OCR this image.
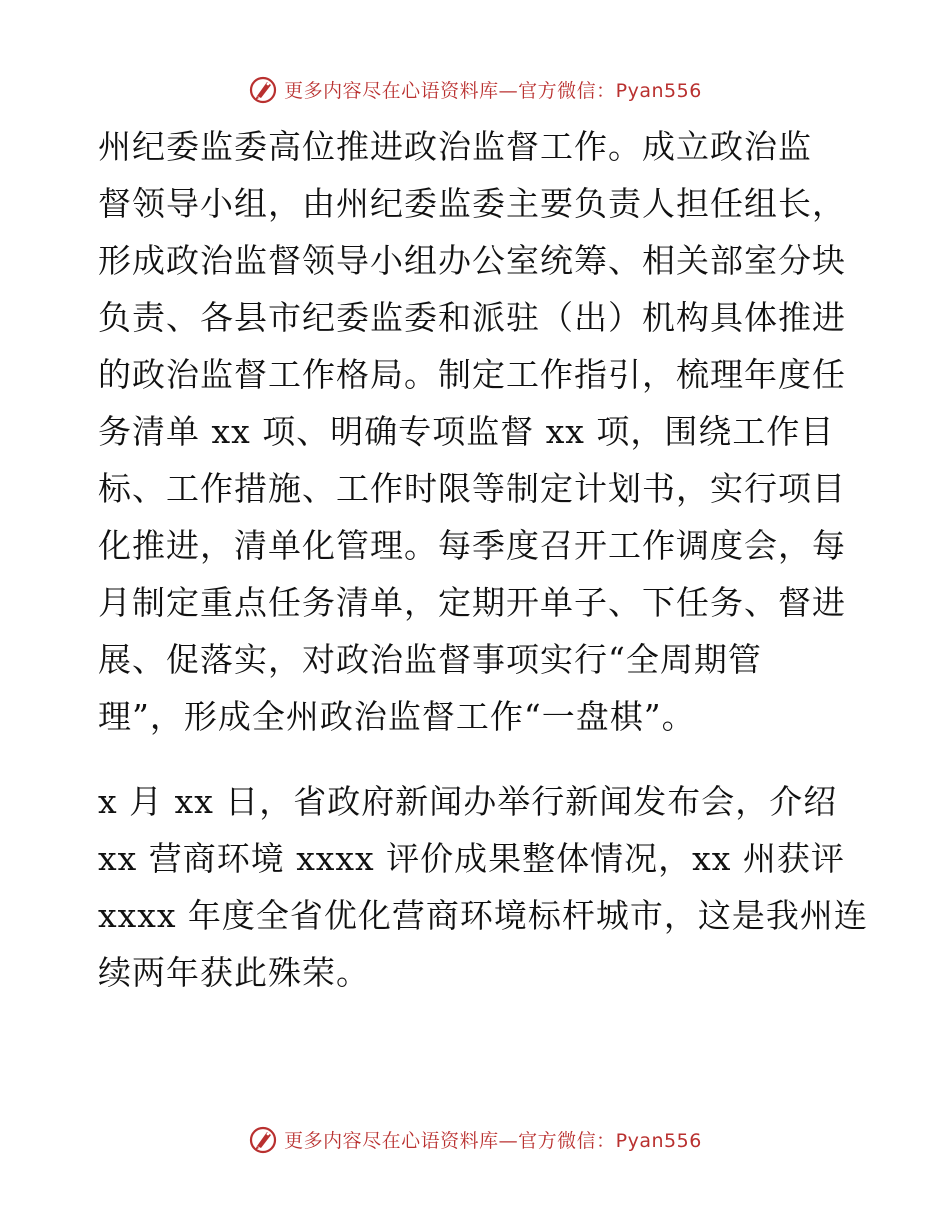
更多内容尽在心语资料库—官方微信：Pyan556
州纪委监委高位推进政治监督工作。成立政治监
督领导小组，由州纪委监委主要负责人担任组长，
形成政治监督领导小组办公室统筹、相关部室分块
负责、各县市纪委监委和派驻（出）机构具体推进
的政治监督工作格局。制定工作指引，梳理年度任
务清单 xx 项、明确专项监督 xx 项，围绕工作目
标、工作措施、工作时限等制定计划书，实行项目
化推进，清单化管理。每季度召开工作调度会，每
月制定重点任务清单，定期开单子、下任务、督进
展、促落实，对政治监督事项实行“全周期管
理”，形成全州政治监督工作“一盘棋”。
x 月 xx 日，省政府新闻办举行新闻发布会，介绍
xx 营商环境 xxxx 评价成果整体情况，xx 州获评
xxxx 年度全省优化营商环境标杆城市，这是我州连
续两年获此殊荣。
更多内容尽在心语资料库—官方微信：Pyan556
